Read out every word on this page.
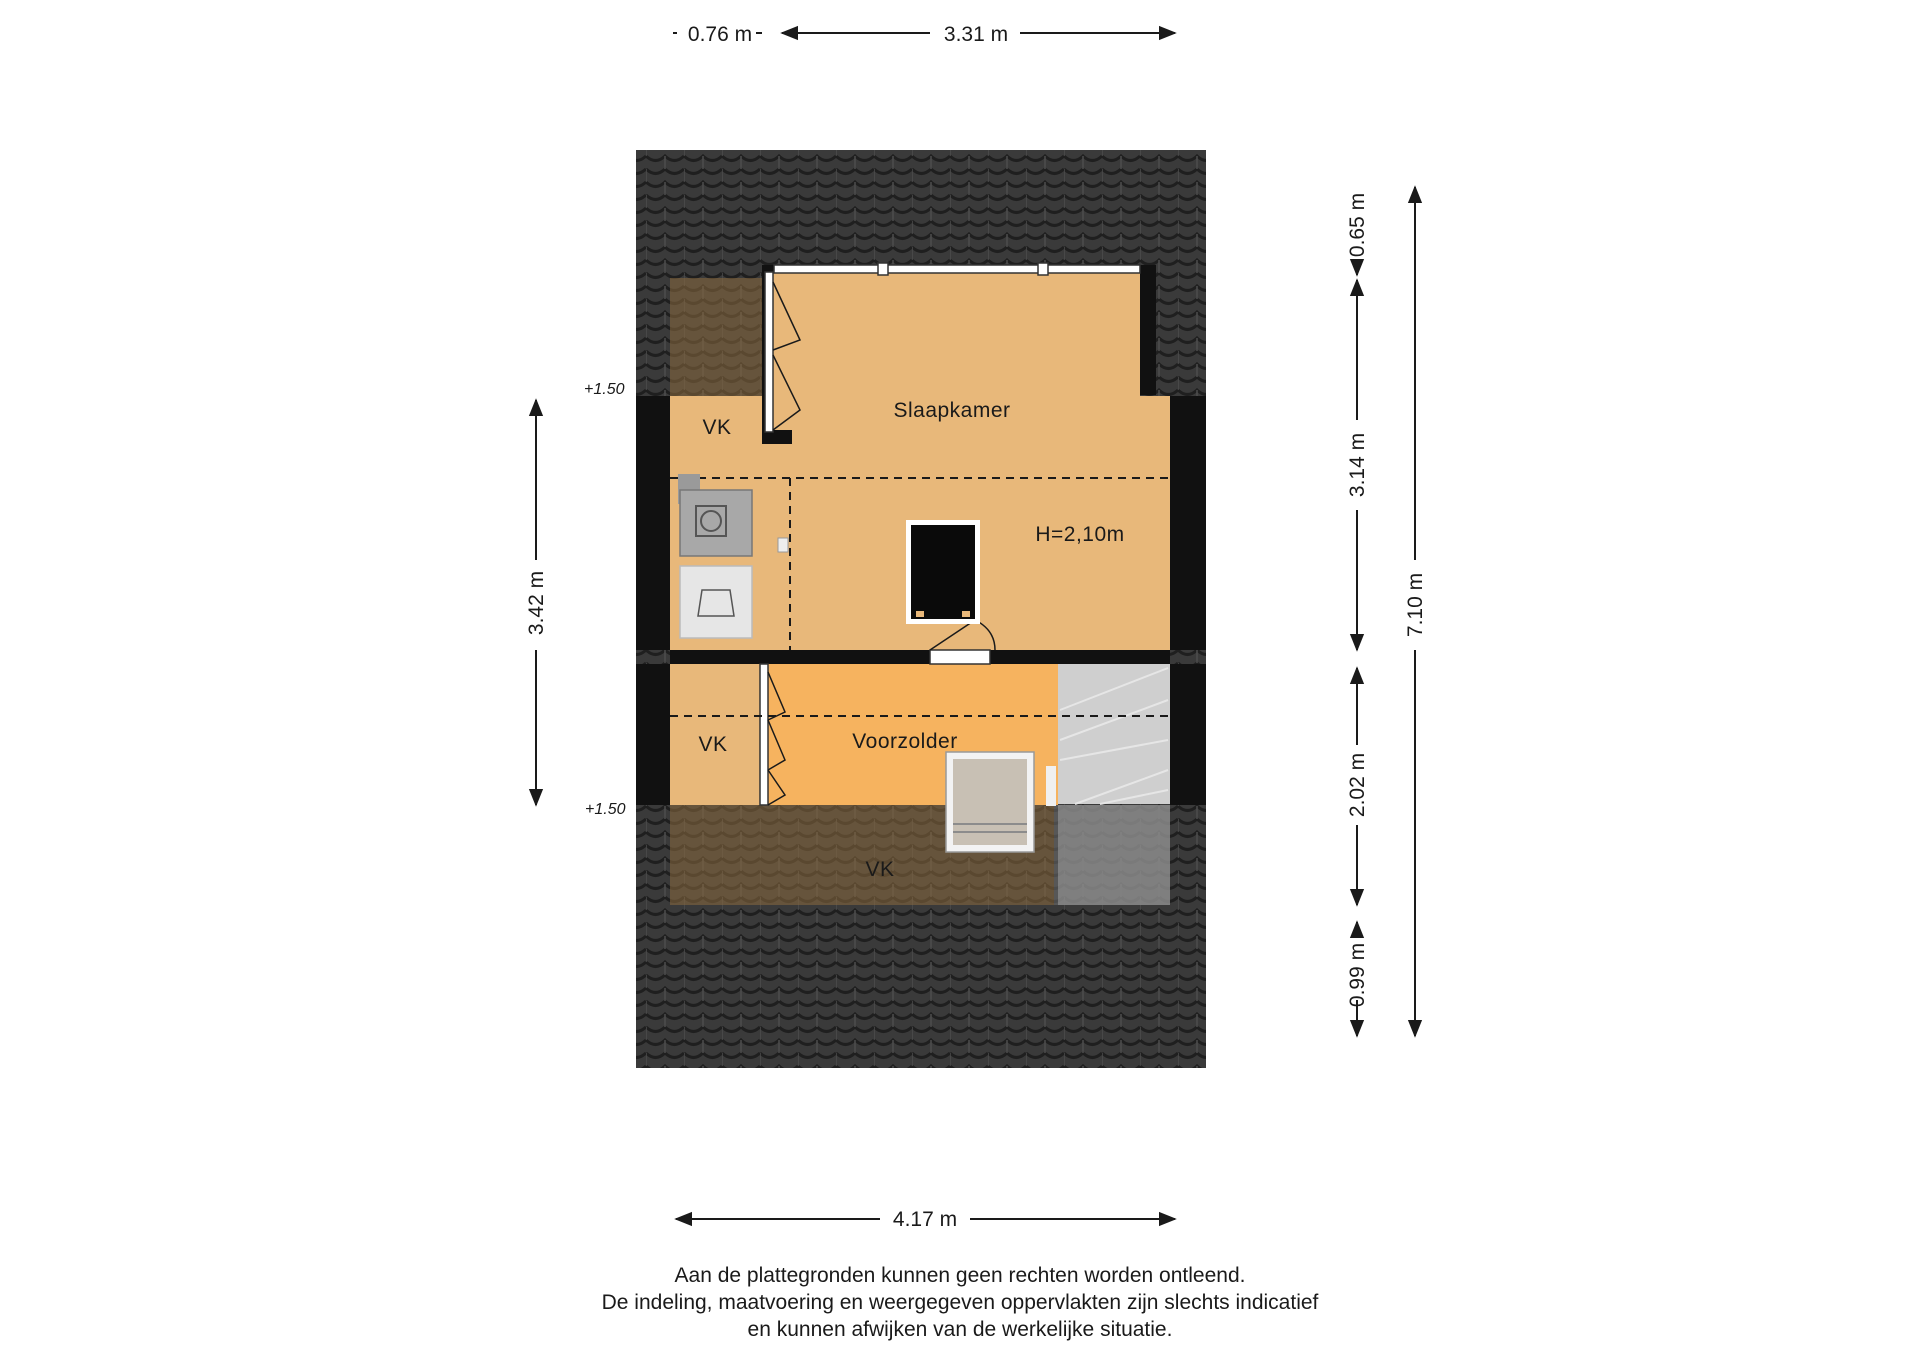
Slaapkamer
H=2,10m
VK
Voorzolder
VK
VK
+1.50
+1.50
0.76 m	3.31 m
4.17 m
3.42 m
0.65 m
3.14 m
2.02 m
0.99 m
7.10 m
Aan de plattegronden kunnen geen rechten worden ontleend.
De indeling, maatvoering en weergegeven oppervlakten zijn slechts indicatief
en kunnen afwijken van de werkelijke situatie.
